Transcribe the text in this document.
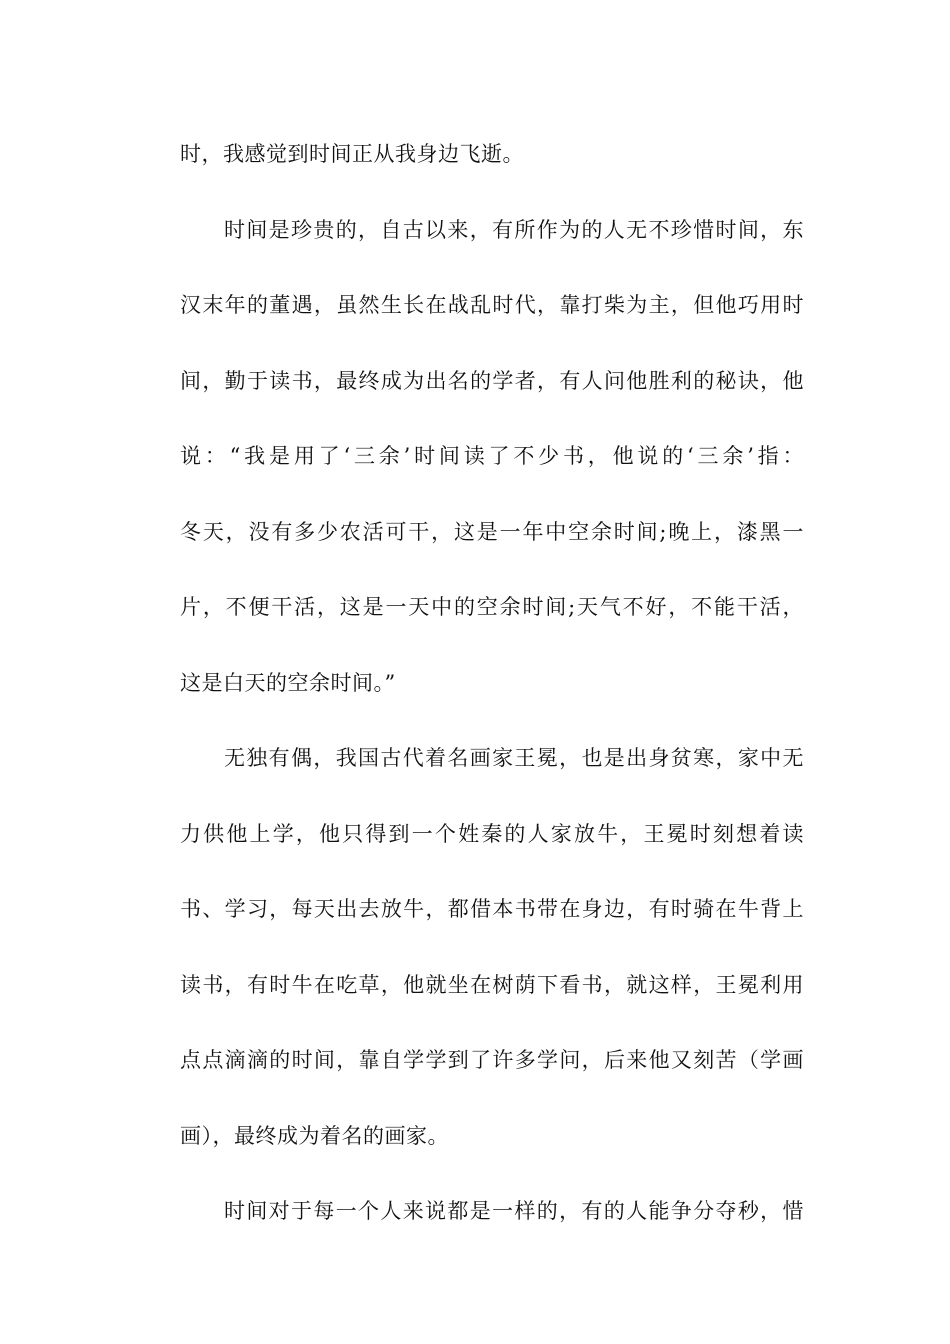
时，我感觉到时间正从我身边飞逝。
时间是珍贵的，自古以来，有所作为的人无不珍惜时间，东
汉末年的董遇，虽然生长在战乱时代，靠打柴为主，但他巧用时
间，勤于读书，最终成为出名的学者，有人问他胜利的秘诀，他
说：“我是用了‘三余’时间读了不少书，他说的‘三余’指：
冬天，没有多少农活可干，这是一年中空余时间;晚上，漆黑一
片，不便干活，这是一天中的空余时间;天气不好，不能干活，
这是白天的空余时间。”
无独有偶，我国古代着名画家王冕，也是出身贫寒，家中无
力供他上学，他只得到一个姓秦的人家放牛，王冕时刻想着读
书、学习，每天出去放牛，都借本书带在身边，有时骑在牛背上
读书，有时牛在吃草，他就坐在树荫下看书，就这样，王冕利用
点点滴滴的时间，靠自学学到了许多学问，后来他又刻苦（学画
画），最终成为着名的画家。
时间对于每一个人来说都是一样的，有的人能争分夺秒，惜
